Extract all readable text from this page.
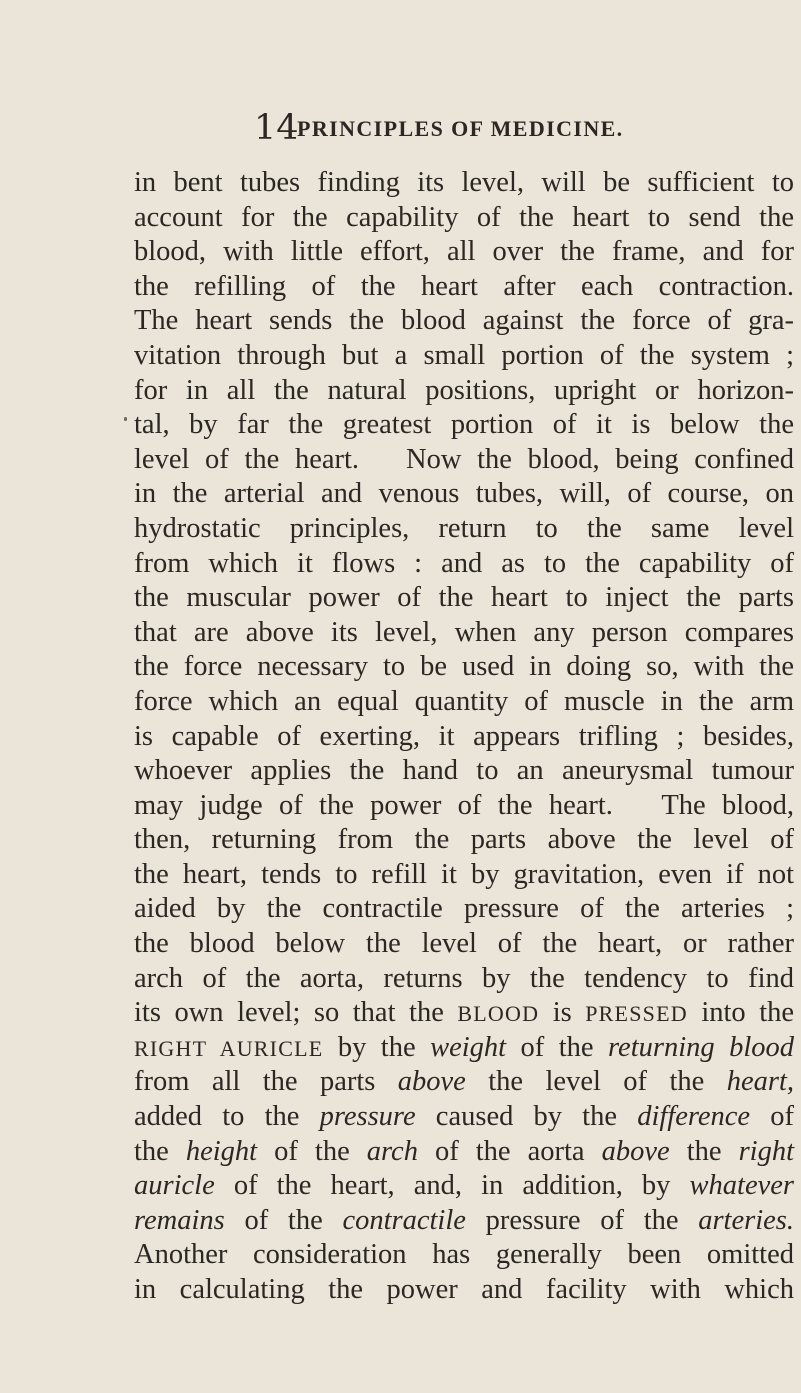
14
PRINCIPLES OF MEDICINE.
in bent tubes finding its level, will be sufficient to
account for the capability of the heart to send the
blood, with little effort, all over the frame, and for
the refilling of the heart after each contraction.
The heart sends the blood against the force of gra-
vitation through but a small portion of the system ;
for in all the natural positions, upright or horizon-
tal, by far the greatest portion of it is below the
level of the heart.   Now the blood, being confined
in the arterial and venous tubes, will, of course, on
hydrostatic principles, return to the same level
from which it flows : and as to the capability of
the muscular power of the heart to inject the parts
that are above its level, when any person compares
the force necessary to be used in doing so, with the
force which an equal quantity of muscle in the arm
is capable of exerting, it appears trifling ; besides,
whoever applies the hand to an aneurysmal tumour
may judge of the power of the heart.   The blood,
then, returning from the parts above the level of
the heart, tends to refill it by gravitation, even if not
aided by the contractile pressure of the arteries ;
the blood below the level of the heart, or rather
arch of the aorta, returns by the tendency to find
its own level; so that the BLOOD is PRESSED into the
RIGHT AURICLE by the weight of the returning blood
from all the parts above the level of the heart,
added to the pressure caused by the difference of
the height of the arch of the aorta above the right
auricle of the heart, and, in addition, by whatever
remains of the contractile pressure of the arteries.
Another consideration has generally been omitted
in calculating the power and facility with which
